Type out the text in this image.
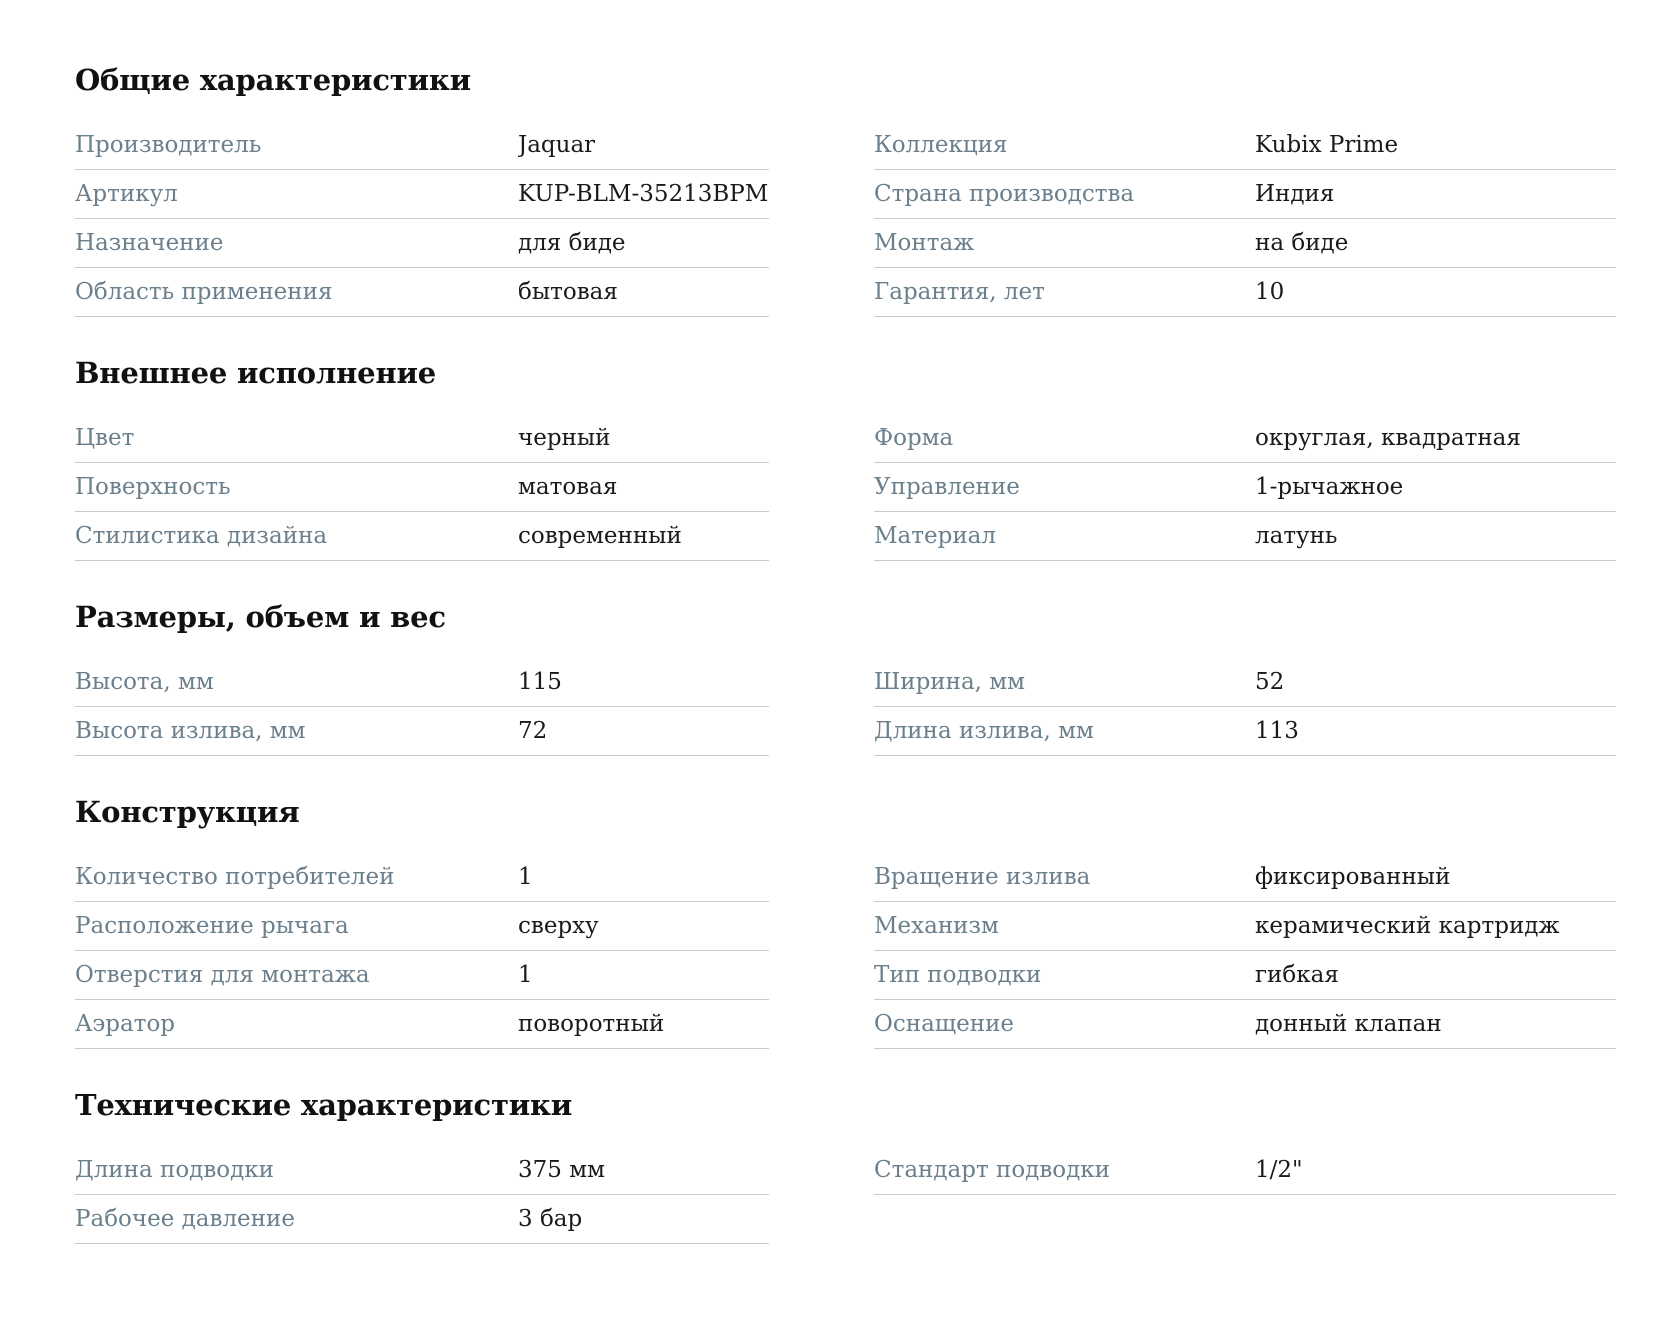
Общие характеристики
Производитель	Jaquar
Артикул	KUP-BLM-35213BPM
Назначение	для биде
Область применения	бытовая
Коллекция	Kubix Prime
Страна производства	Индия
Монтаж	на биде
Гарантия, лет	10
Внешнее исполнение
Цвет	черный
Поверхность	матовая
Стилистика дизайна	современный
Форма	округлая, квадратная
Управление	1-рычажное
Материал	латунь
Размеры, объем и вес
Высота, мм	115
Высота излива, мм	72
Ширина, мм	52
Длина излива, мм	113
Конструкция
Количество потребителей	1
Расположение рычага	сверху
Отверстия для монтажа	1
Аэратор	поворотный
Вращение излива	фиксированный
Механизм	керамический картридж
Тип подводки	гибкая
Оснащение	донный клапан
Технические характеристики
Длина подводки	375 мм
Рабочее давление	3 бар
Стандарт подводки	1/2"
